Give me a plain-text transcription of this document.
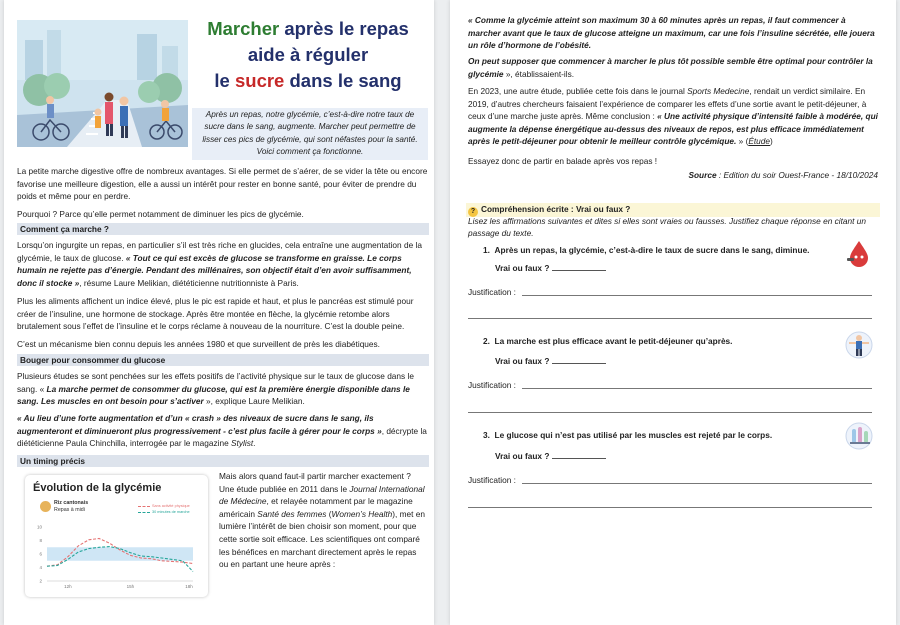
Marcher après le repas
aide à réguler
le sucre dans le sang
Après un repas, notre glycémie, c’est-à-dire notre taux de sucre dans le sang, augmente. Marcher peut permettre de lisser ces pics de glycémie, qui sont néfastes pour la santé. Voici comment ça fonctionne.

La petite marche digestive offre de nombreux avantages. Si elle permet de s’aérer, de se vider la tête ou encore favorise une meilleure digestion, elle a aussi un intérêt pour rester en bonne santé, pour éviter de prendre du poids et même pour en perdre.

Pourquoi ? Parce qu’elle permet notamment de diminuer les pics de glycémie.

Comment ça marche ?

Lorsqu’on ingurgite un repas, en particulier s’il est très riche en glucides, cela entraîne une augmentation de la glycémie, le taux de glucose. « Tout ce qui est excès de glucose se transforme en graisse. Le corps humain ne rejette pas d’énergie. Pendant des millénaires, son objectif était d’en avoir suffisamment, donc il stocke », résume Laure Melikian, diététicienne nutritionniste à Paris.

Plus les aliments affichent un indice élevé, plus le pic est rapide et haut, et plus le pancréas est stimulé pour créer de l’insuline, une hormone de stockage. Après être montée en flèche, la glycémie retombe alors brutalement sous l’effet de l’insuline et le corps réclame à nouveau de la nourriture. C’est la double peine.

C’est un mécanisme bien connu depuis les années 1980 et que surveillent de près les diabétiques.

Bouger pour consommer du glucose

Plusieurs études se sont penchées sur les effets positifs de l’activité physique sur le taux de glucose dans le sang. « La marche permet de consommer du glucose, qui est la première énergie disponible dans le sang. Les muscles en ont besoin pour s’activer », explique Laure Melikian.

« Au lieu d’une forte augmentation et d’un « crash » des niveaux de sucre dans le sang, ils augmenteront et diminueront plus progressivement - c’est plus facile à gérer pour le corps », décrypte la diététicienne Paula Chinchilla, interrogée par le magazine Stylist.

Un timing précis
Évolution de la glycémie
Riz cantonais
Repas à midi
Sans activité physique
30 minutes de marche
2
4
6
8
10
12h	15h	18h

Mais alors quand faut-il partir marcher exactement ? Une étude publiée en 2011 dans le Journal International de Médecine, et relayée notamment par le magazine américain Santé des femmes (Women’s Health), met en lumière l’intérêt de bien choisir son moment, pour que cette sortie soit efficace. Les scientifiques ont comparé les bénéfices en marchant directement après le repas ou en partant une heure après :

« Comme la glycémie atteint son maximum 30 à 60 minutes après un repas, il faut commencer à marcher avant que le taux de glucose atteigne un maximum, car une fois l’insuline sécrétée, elle jouera un rôle d’hormone de l’obésité.

On peut supposer que commencer à marcher le plus tôt possible semble être optimal pour contrôler la glycémie », établissaient-ils.

En 2023, une autre étude, publiée cette fois dans le journal Sports Medecine, rendait un verdict similaire. En 2019, d’autres chercheurs faisaient l’expérience de comparer les effets d’une sortie avant le petit-déjeuner, à ceux d’une marche juste après. Même conclusion : « Une activité physique d’intensité faible à modérée, qui augmente la dépense énergétique au-dessus des niveaux de repos, est plus efficace immédiatement après le petit-déjeuner pour obtenir le meilleur contrôle glycémique. » (Étude)

Essayez donc de partir en balade après vos repas !

Source : Edition du soir Ouest-France - 18/10/2024
? Compréhension écrite : Vrai ou faux ?
Lisez les affirmations suivantes et dites si elles sont vraies ou fausses. Justifiez chaque réponse en citant un passage du texte.
1. Après un repas, la glycémie, c’est-à-dire le taux de sucre dans le sang, diminue.
Vrai ou faux ?
Justification :
2. La marche est plus efficace avant le petit-déjeuner qu’après.
Vrai ou faux ?
Justification :
3. Le glucose qui n’est pas utilisé par les muscles est rejeté par le corps.
Vrai ou faux ?
Justification :
